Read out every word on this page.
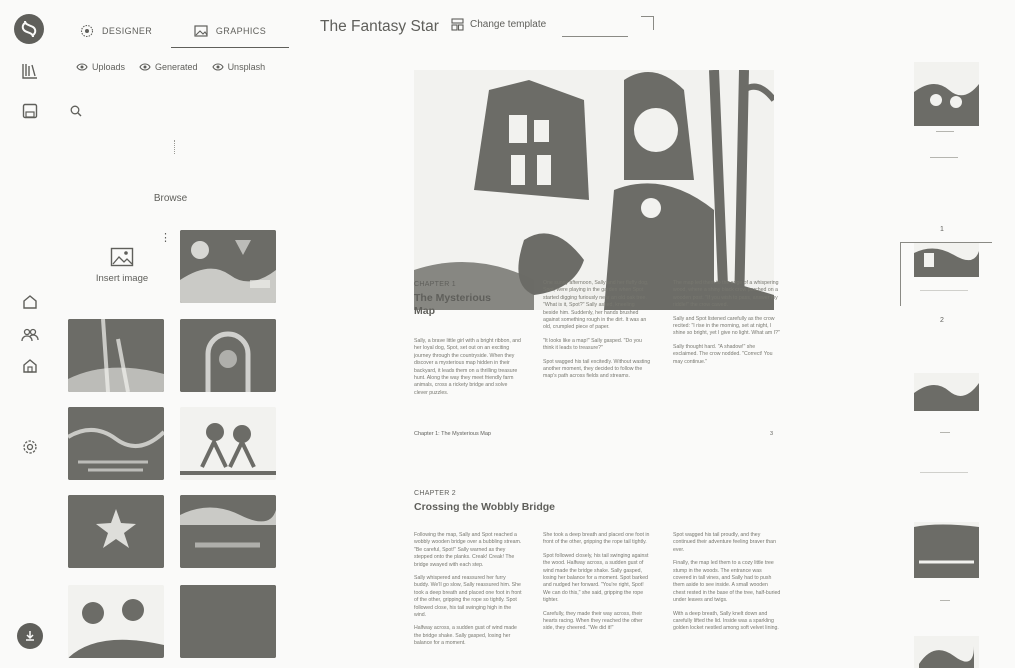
DESIGNER	GRAPHICS
Uploads	Generated	Unsplash
Browse
Insert image
⋮
The Fantasy Star	Change template
CHAPTER 1
The Mysterious Map

Sally, a brave little girl with a bright ribbon, and her loyal dog, Spot, set out on an exciting journey through the countryside. When they discover a mysterious map hidden in their backyard, it leads them on a thrilling treasure hunt. Along the way they meet friendly farm animals, cross a rickety bridge and solve clever puzzles.

One sunny afternoon, Sally and her fluffy dog, Spot, were playing in the garden when Spot started digging furiously near an old oak tree. "What is it, Spot?" Sally asked, kneeling beside him. Suddenly, her hands brushed against something rough in the dirt. It was an old, crumpled piece of paper.

"It looks like a map!" Sally gasped. "Do you think it leads to treasure?"

Spot wagged his tail excitedly. Without wasting another moment, they decided to follow the map's path across fields and streams.

The map led them to the edge of a whispering wood, where a shiny black crow perched on a wooden post. "If you wish to pass, answer my riddle!" the crow cawed.

Sally and Spot listened carefully as the crow recited: "I rise in the morning, set at night, I shine so bright, yet I give no light. What am I?"

Sally thought hard. "A shadow!" she exclaimed. The crow nodded. "Correct! You may continue."

Chapter 1: The Mysterious Map	3
CHAPTER 2
Crossing the Wobbly Bridge

Following the map, Sally and Spot reached a wobbly wooden bridge over a bubbling stream. "Be careful, Spot!" Sally warned as they stepped onto the planks. Creak! Creak! The bridge swayed with each step.

Sally whispered and reassured her furry buddy. We'll go slow, Sally reassured him. She took a deep breath and placed one foot in front of the other, gripping the rope so tightly. Spot followed close, his tail swinging high in the wind.

Halfway across, a sudden gust of wind made the bridge shake. Sally gasped, losing her balance for a moment.

She took a deep breath and placed one foot in front of the other, gripping the rope tail tightly.

Spot followed closely, his tail swinging against the wood. Halfway across, a sudden gust of wind made the bridge shake. Sally gasped, losing her balance for a moment. Spot barked and nudged her forward. "You're right, Spot! We can do this," she said, gripping the rope tighter.

Carefully, they made their way across, their hearts racing. When they reached the other side, they cheered. "We did it!"

Spot wagged his tail proudly, and they continued their adventure feeling braver than ever.

Finally, the map led them to a cozy little tree stump in the woods. The entrance was covered in tall vines, and Sally had to push them aside to see inside. A small wooden chest rested in the base of the tree, half-buried under leaves and twigs.

With a deep breath, Sally knelt down and carefully lifted the lid. Inside was a sparkling golden locket nestled among soft velvet lining.

1
2
